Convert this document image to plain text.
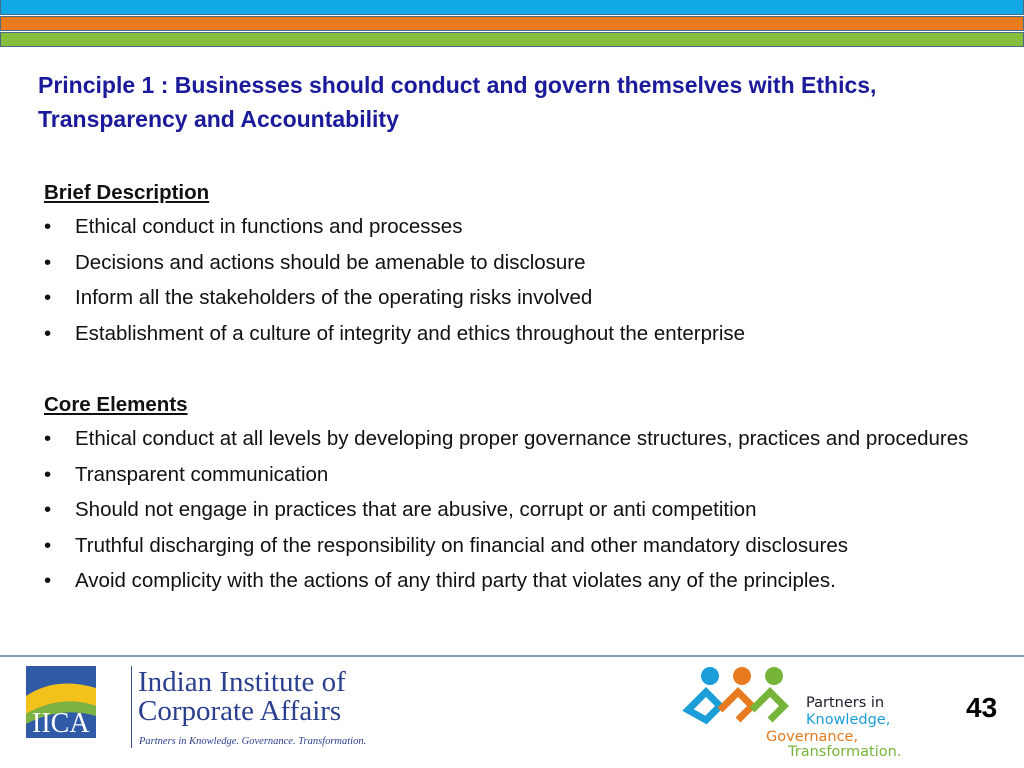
Principle 1 : Businesses should conduct and govern themselves with Ethics, Transparency and Accountability
Brief Description
• Ethical conduct in functions and processes
• Decisions and actions should be amenable to disclosure
• Inform all the stakeholders of the operating risks involved
• Establishment of a culture of integrity and ethics throughout the enterprise
Core Elements
• Ethical conduct at all levels by developing proper governance structures, practices and procedures
• Transparent communication
• Should not engage in practices that are abusive, corrupt or anti competition
• Truthful discharging of the responsibility on financial and other mandatory disclosures
• Avoid complicity with the actions of any third party that violates any of the principles.
IICA
Indian Institute of
Corporate Affairs
Partners in Knowledge. Governance. Transformation.
Partners in
Knowledge,
Governance,
Transformation.
43
